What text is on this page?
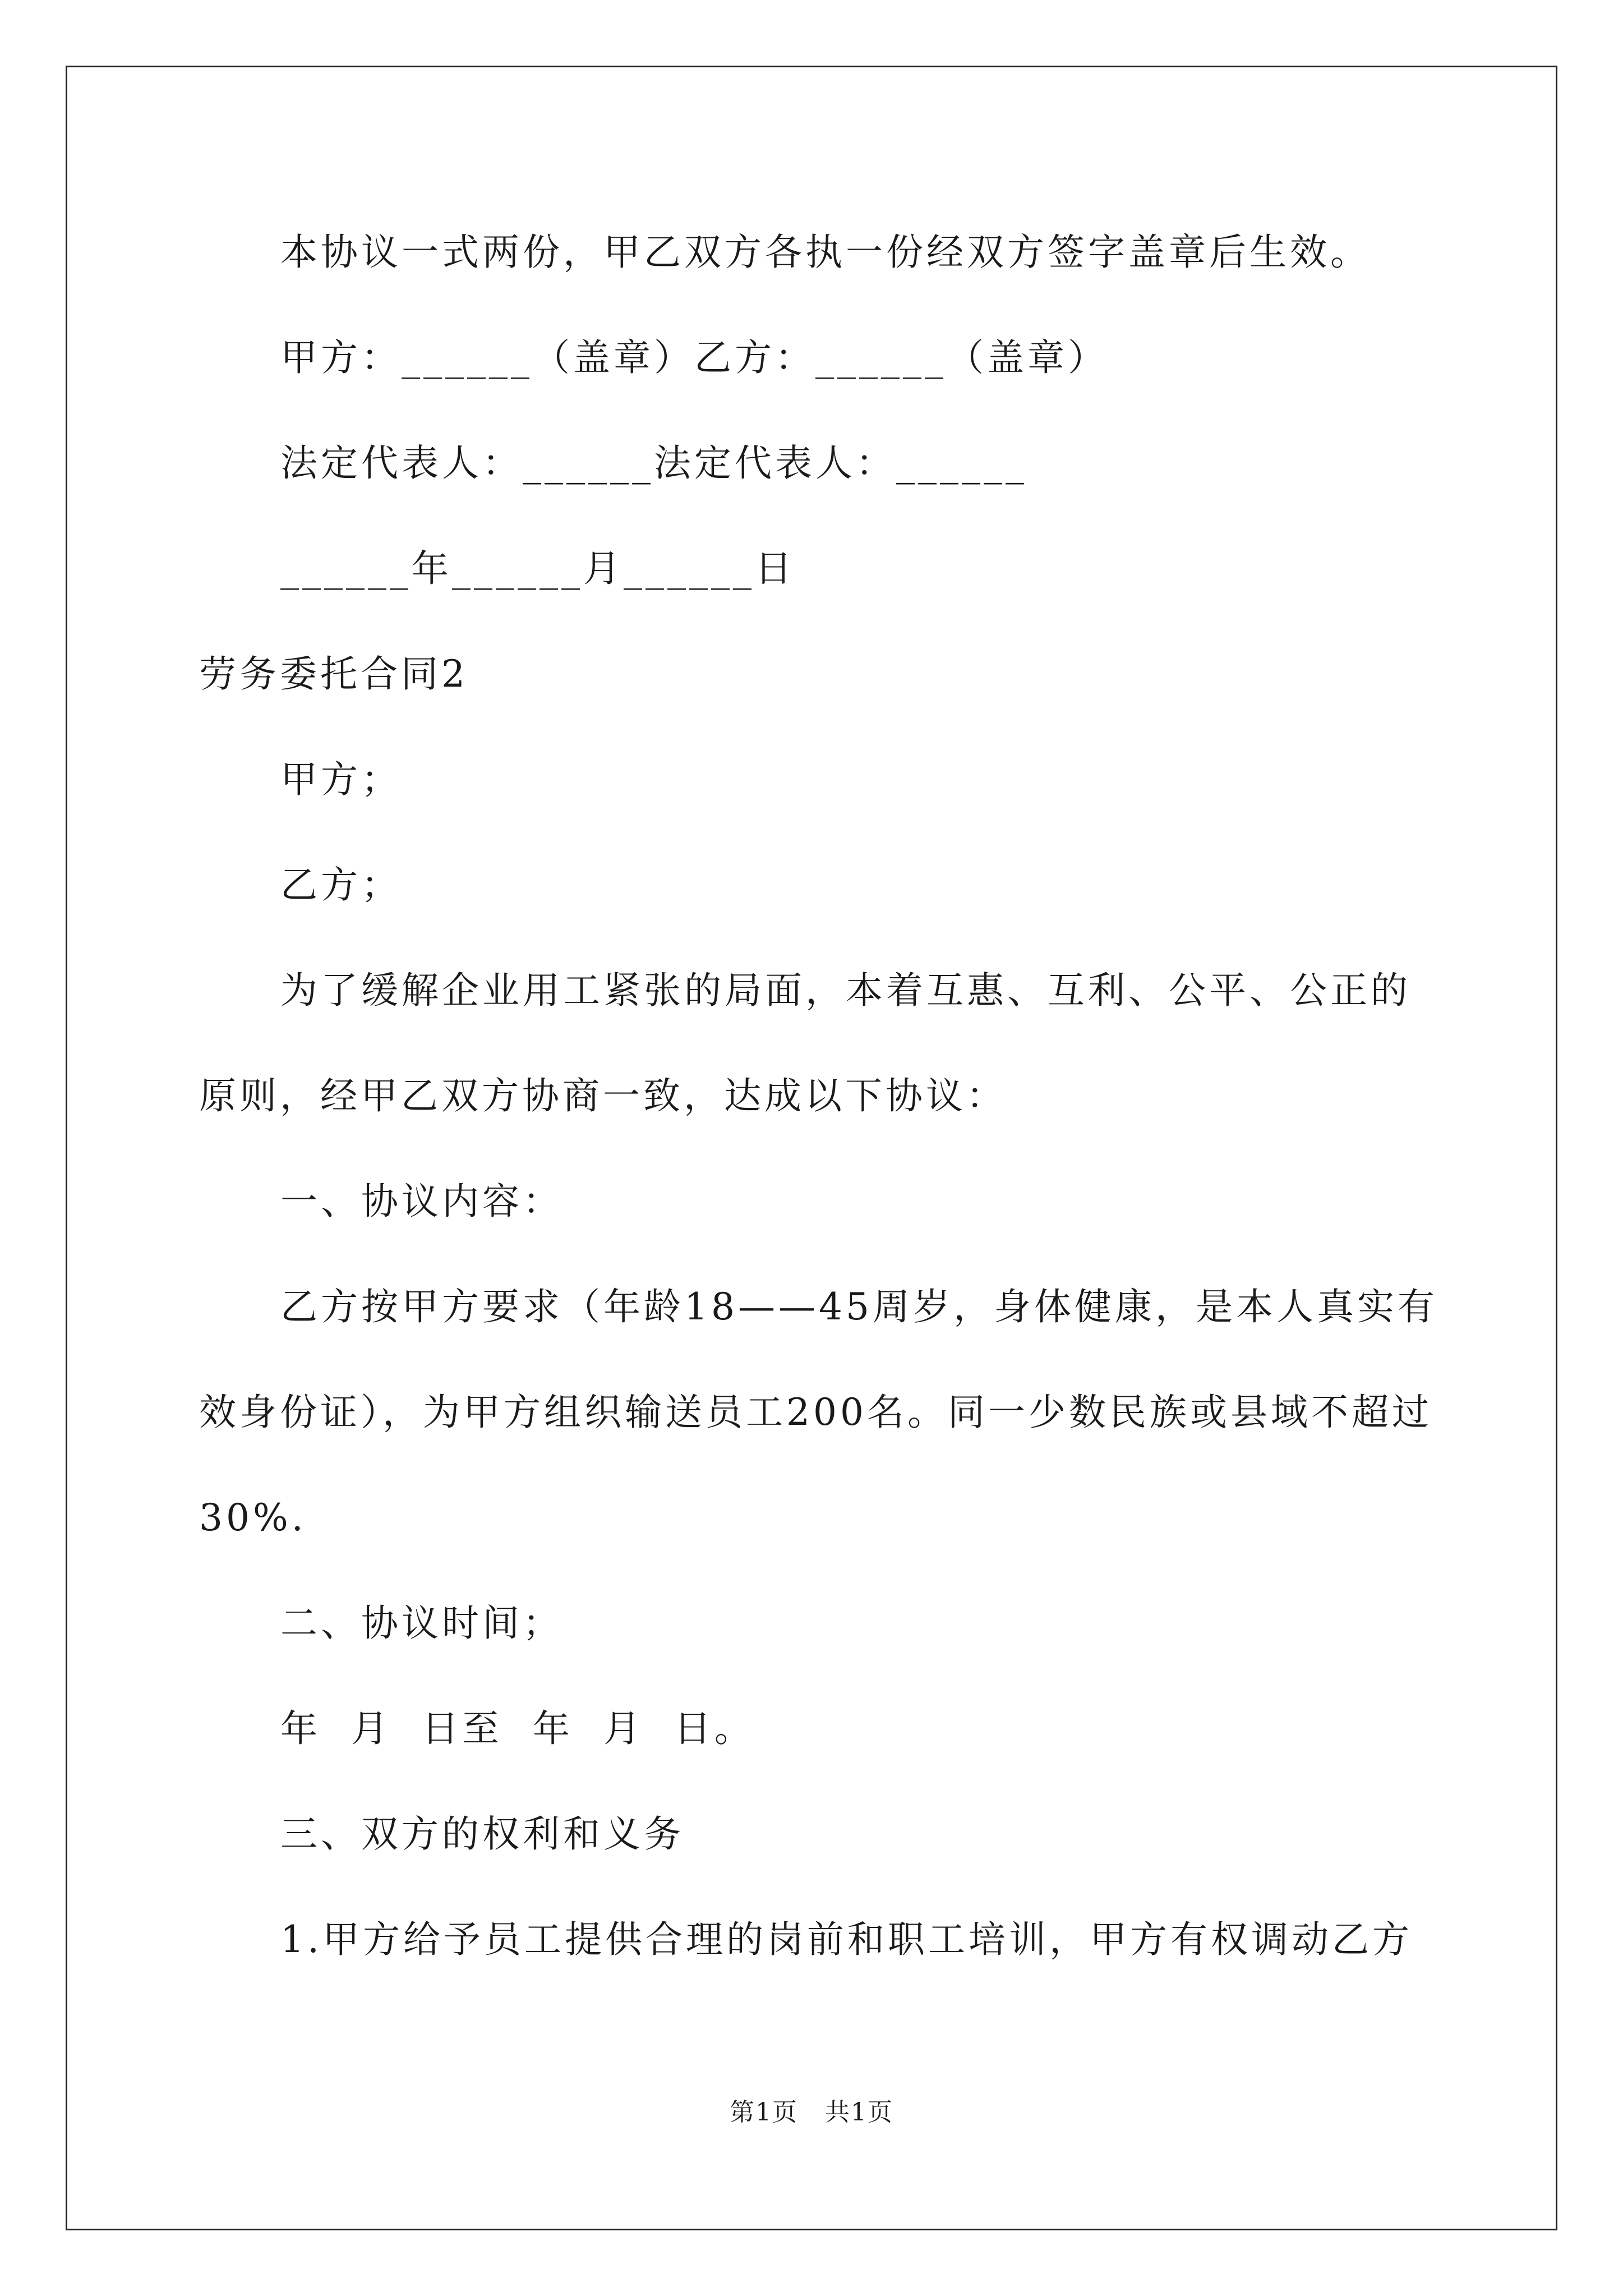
本协议一式两份，甲乙双方各执一份经双方签字盖章后生效。
甲方：______（盖章）乙方：______（盖章）
法定代表人：______法定代表人：______
______年______月______日
劳务委托合同2
甲方；
乙方；
为了缓解企业用工紧张的局面，本着互惠、互利、公平、公正的
原则，经甲乙双方协商一致，达成以下协议：
一、协议内容：
乙方按甲方要求（年龄18——45周岁，身体健康，是本人真实有
效身份证），为甲方组织输送员工200名。同一少数民族或县域不超过
30%.
二、协议时间；
年  月  日至  年  月  日。
三、双方的权利和义务
1.甲方给予员工提供合理的岗前和职工培训，甲方有权调动乙方
第1页   共1页
